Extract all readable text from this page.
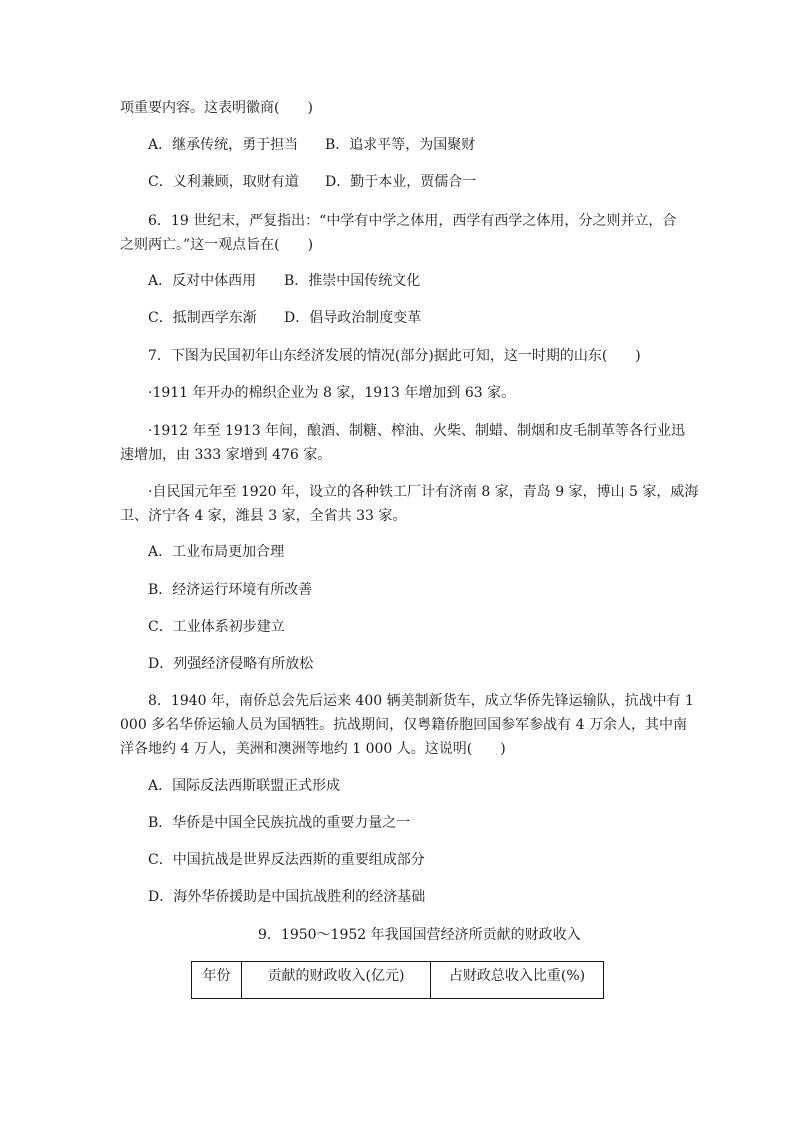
项重要内容。这表明徽商(　　)
A．继承传统，勇于担当 B．追求平等，为国聚财
C．义利兼顾，取财有道 D．勤于本业，贾儒合一
6．19 世纪末，严复指出：“中学有中学之体用，西学有西学之体用，分之则并立，合
之则两亡。”这一观点旨在(　　)
A．反对中体西用 B．推崇中国传统文化
C．抵制西学东渐 D．倡导政治制度变革
7．下图为民国初年山东经济发展的情况(部分)据此可知，这一时期的山东(　　)
·1911 年开办的棉织企业为 8 家，1913 年增加到 63 家。
·1912 年至 1913 年间，酿酒、制糖、榨油、火柴、制蜡、制烟和皮毛制革等各行业迅
速增加，由 333 家增到 476 家。
·自民国元年至 1920 年，设立的各种铁工厂计有济南 8 家，青岛 9 家，博山 5 家，威海
卫、济宁各 4 家，潍县 3 家，全省共 33 家。
A．工业布局更加合理
B．经济运行环境有所改善
C．工业体系初步建立
D．列强经济侵略有所放松
8．1940 年，南侨总会先后运来 400 辆美制新货车，成立华侨先锋运输队，抗战中有 1
000 多名华侨运输人员为国牺牲。抗战期间，仅粤籍侨胞回国参军参战有 4 万余人，其中南
洋各地约 4 万人，美洲和澳洲等地约 1 000 人。这说明(　　)
A．国际反法西斯联盟正式形成
B．华侨是中国全民族抗战的重要力量之一
C．中国抗战是世界反法西斯的重要组成部分
D．海外华侨援助是中国抗战胜利的经济基础
9．1950～1952 年我国国营经济所贡献的财政收入
年份	贡献的财政收入(亿元)	占财政总收入比重(%)
